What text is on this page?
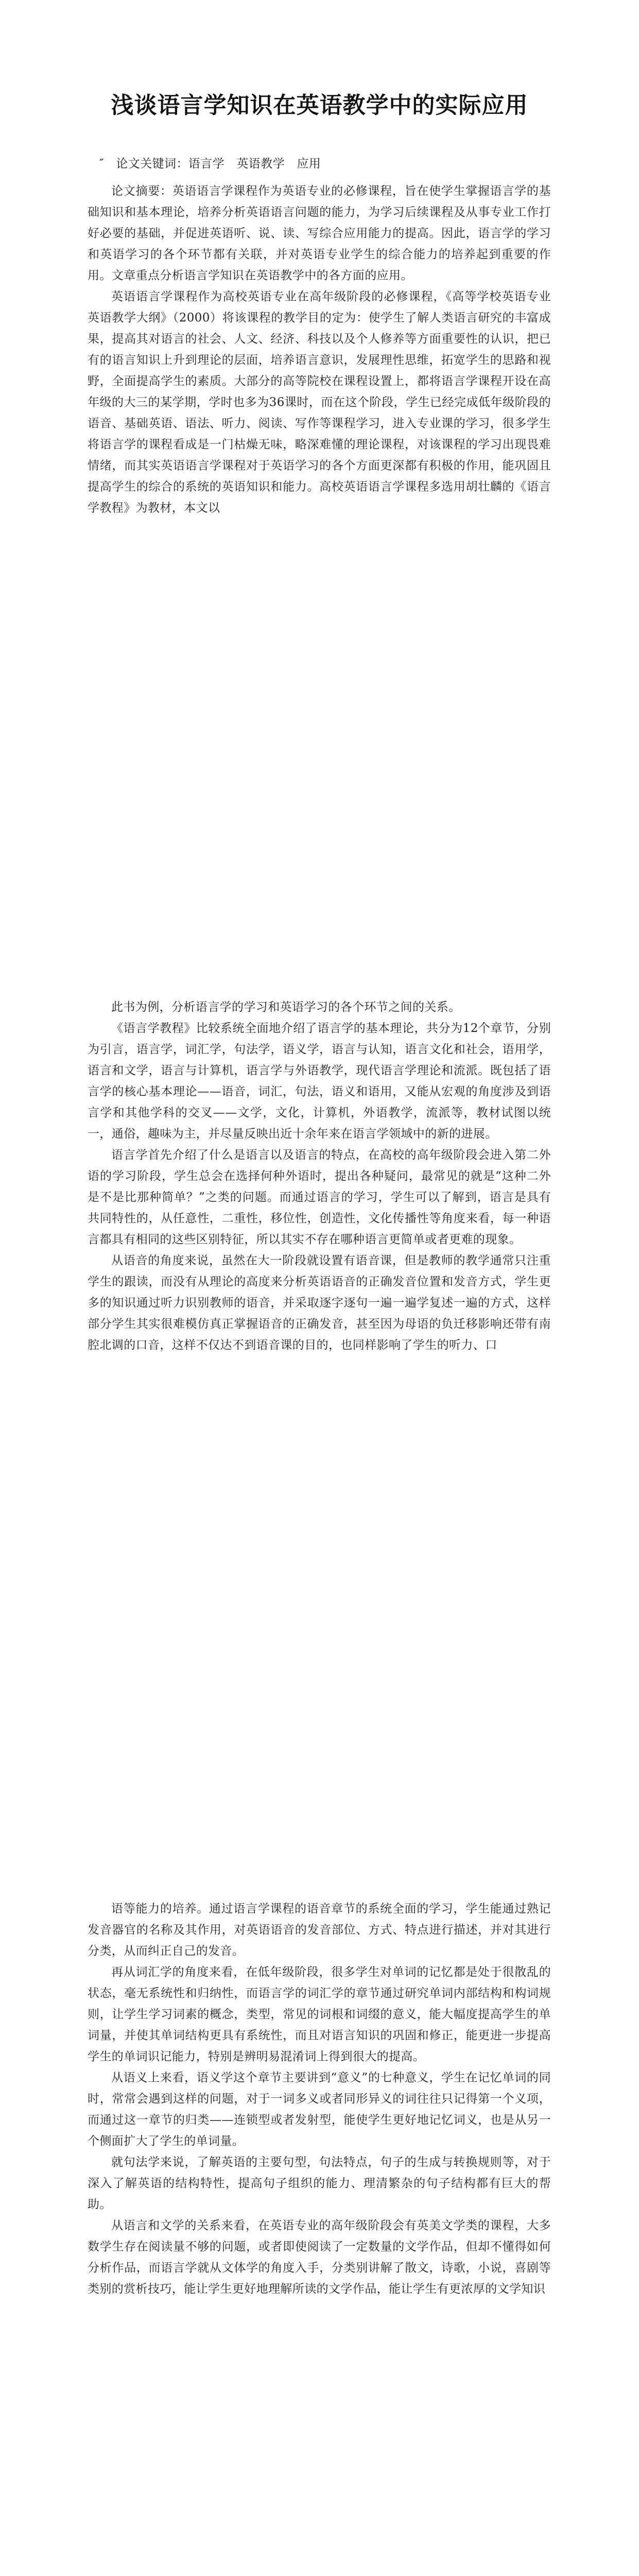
浅谈语言学知识在英语教学中的实际应用

″　论文关键词：语言学　英语教学　应用

论文摘要：英语语言学课程作为英语专业的必修课程，旨在使学生掌握语言学的基础知识和基本理论，培养分析英语语言问题的能力，为学习后续课程及从事专业工作打好必要的基础，并促进英语听、说、读、写综合应用能力的提高。因此，语言学的学习和英语学习的各个环节都有关联，并对英语专业学生的综合能力的培养起到重要的作用。文章重点分析语言学知识在英语教学中的各方面的应用。

英语语言学课程作为高校英语专业在高年级阶段的必修课程，《高等学校英语专业英语教学大纲》（2000）将该课程的教学目的定为：使学生了解人类语言研究的丰富成果，提高其对语言的社会、人文、经济、科技以及个人修养等方面重要性的认识，把已有的语言知识上升到理论的层面，培养语言意识，发展理性思维，拓宽学生的思路和视野，全面提高学生的素质。大部分的高等院校在课程设置上，都将语言学课程开设在高年级的大三的某学期，学时也多为36课时，而在这个阶段，学生已经完成低年级阶段的语音、基础英语、语法、听力、阅读、写作等课程学习，进入专业课的学习，很多学生将语言学的课程看成是一门枯燥无味，略深难懂的理论课程，对该课程的学习出现畏难情绪，而其实英语语言学课程对于英语学习的各个方面更深都有积极的作用，能巩固且提高学生的综合的系统的英语知识和能力。高校英语语言学课程多选用胡壮麟的《语言学教程》为教材，本文以

此书为例，分析语言学的学习和英语学习的各个环节之间的关系。

《语言学教程》比较系统全面地介绍了语言学的基本理论，共分为12个章节，分别为引言，语言学，词汇学，句法学，语义学，语言与认知，语言文化和社会，语用学，语言和文学，语言与计算机，语言学与外语教学，现代语言学理论和流派。既包括了语言学的核心基本理论——语音，词汇，句法，语义和语用，又能从宏观的角度涉及到语言学和其他学科的交叉——文学，文化，计算机，外语教学，流派等，教材试图以统一，通俗，趣味为主，并尽量反映出近十余年来在语言学领域中的新的进展。

语言学首先介绍了什么是语言以及语言的特点，在高校的高年级阶段会进入第二外语的学习阶段，学生总会在选择何种外语时，提出各种疑问，最常见的就是“这种二外是不是比那种简单？”之类的问题。而通过语言的学习，学生可以了解到，语言是具有共同特性的，从任意性，二重性，移位性，创造性，文化传播性等角度来看，每一种语言都具有相同的这些区别特征，所以其实不存在哪种语言更简单或者更难的现象。

从语音的角度来说，虽然在大一阶段就设置有语音课，但是教师的教学通常只注重学生的跟读，而没有从理论的高度来分析英语语音的正确发音位置和发音方式，学生更多的知识通过听力识别教师的语音，并采取逐字逐句一遍一遍学复述一遍的方式，这样部分学生其实很难模仿真正掌握语音的正确发音，甚至因为母语的负迁移影响还带有南腔北调的口音，这样不仅达不到语音课的目的，也同样影响了学生的听力、口

语等能力的培养。通过语言学课程的语音章节的系统全面的学习，学生能通过熟记发音器官的名称及其作用，对英语语音的发音部位、方式、特点进行描述，并对其进行分类，从而纠正自己的发音。

再从词汇学的角度来看，在低年级阶段，很多学生对单词的记忆都是处于很散乱的状态，毫无系统性和归纳性，而语言学的词汇学的章节通过研究单词内部结构和构词规则，让学生学习词素的概念，类型，常见的词根和词缀的意义，能大幅度提高学生的单词量，并使其单词结构更具有系统性，而且对语言知识的巩固和修正，能更进一步提高学生的单词识记能力，特别是辨明易混淆词上得到很大的提高。

从语义上来看，语义学这个章节主要讲到“意义”的七种意义，学生在记忆单词的同时，常常会遇到这样的问题，对于一词多义或者同形异义的词往往只记得第一个义项，而通过这一章节的归类——连锁型或者发射型，能使学生更好地记忆词义，也是从另一个侧面扩大了学生的单词量。

就句法学来说，了解英语的主要句型，句法特点，句子的生成与转换规则等，对于深入了解英语的结构特性，提高句子组织的能力、理清繁杂的句子结构都有巨大的帮助。

从语言和文学的关系来看，在英语专业的高年级阶段会有英美文学类的课程，大多数学生存在阅读量不够的问题，或者即使阅读了一定数量的文学作品，但却不懂得如何分析作品，而语言学就从文体学的角度入手，分类别讲解了散文，诗歌，小说，喜剧等类别的赏析技巧，能让学生更好地理解所读的文学作品，能让学生有更浓厚的文学知识
